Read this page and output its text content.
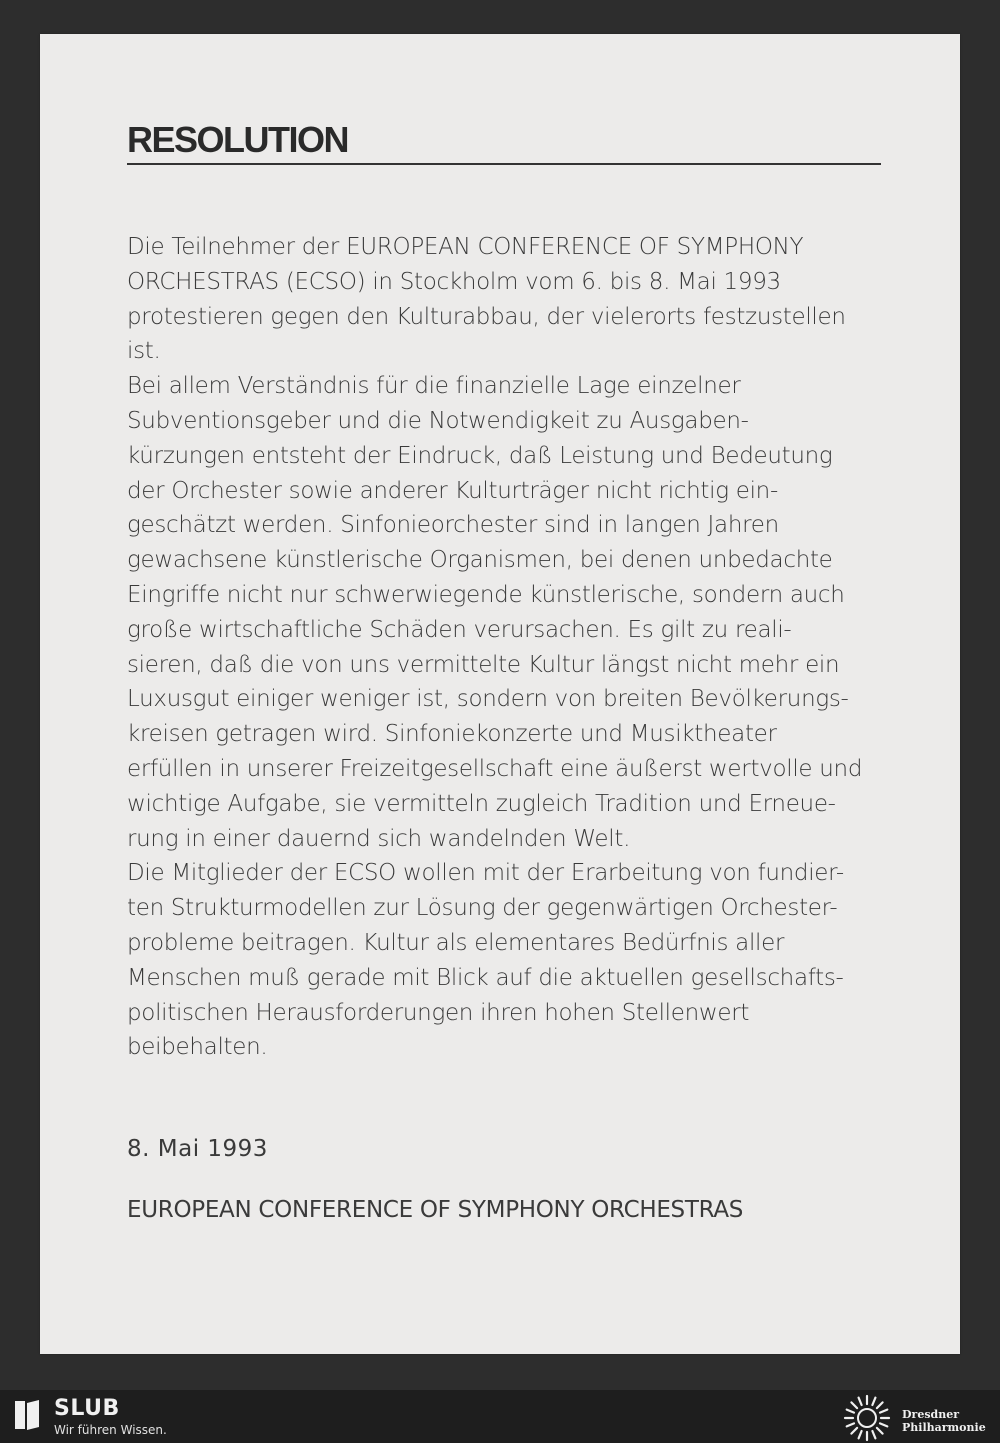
RESOLUTION
Die Teilnehmer der EUROPEAN CONFERENCE OF SYMPHONY
ORCHESTRAS (ECSO) in Stockholm vom 6. bis 8. Mai 1993
protestieren gegen den Kulturabbau, der vielerorts festzustellen
ist.
Bei allem Verständnis für die finanzielle Lage einzelner
Subventionsgeber und die Notwendigkeit zu Ausgaben-
kürzungen entsteht der Eindruck, daß Leistung und Bedeutung
der Orchester sowie anderer Kulturträger nicht richtig ein-
geschätzt werden. Sinfonieorchester sind in langen Jahren
gewachsene künstlerische Organismen, bei denen unbedachte
Eingriffe nicht nur schwerwiegende künstlerische, sondern auch
große wirtschaftliche Schäden verursachen. Es gilt zu reali-
sieren, daß die von uns vermittelte Kultur längst nicht mehr ein
Luxusgut einiger weniger ist, sondern von breiten Bevölkerungs-
kreisen getragen wird. Sinfoniekonzerte und Musiktheater
erfüllen in unserer Freizeitgesellschaft eine äußerst wertvolle und
wichtige Aufgabe, sie vermitteln zugleich Tradition und Erneue-
rung in einer dauernd sich wandelnden Welt.
Die Mitglieder der ECSO wollen mit der Erarbeitung von fundier-
ten Strukturmodellen zur Lösung der gegenwärtigen Orchester-
probleme beitragen. Kultur als elementares Bedürfnis aller
Menschen muß gerade mit Blick auf die aktuellen gesellschafts-
politischen Herausforderungen ihren hohen Stellenwert
beibehalten.
8. Mai 1993
EUROPEAN CONFERENCE OF SYMPHONY ORCHESTRAS
SLUB
Wir führen Wissen.
Dresdner
Philharmonie
